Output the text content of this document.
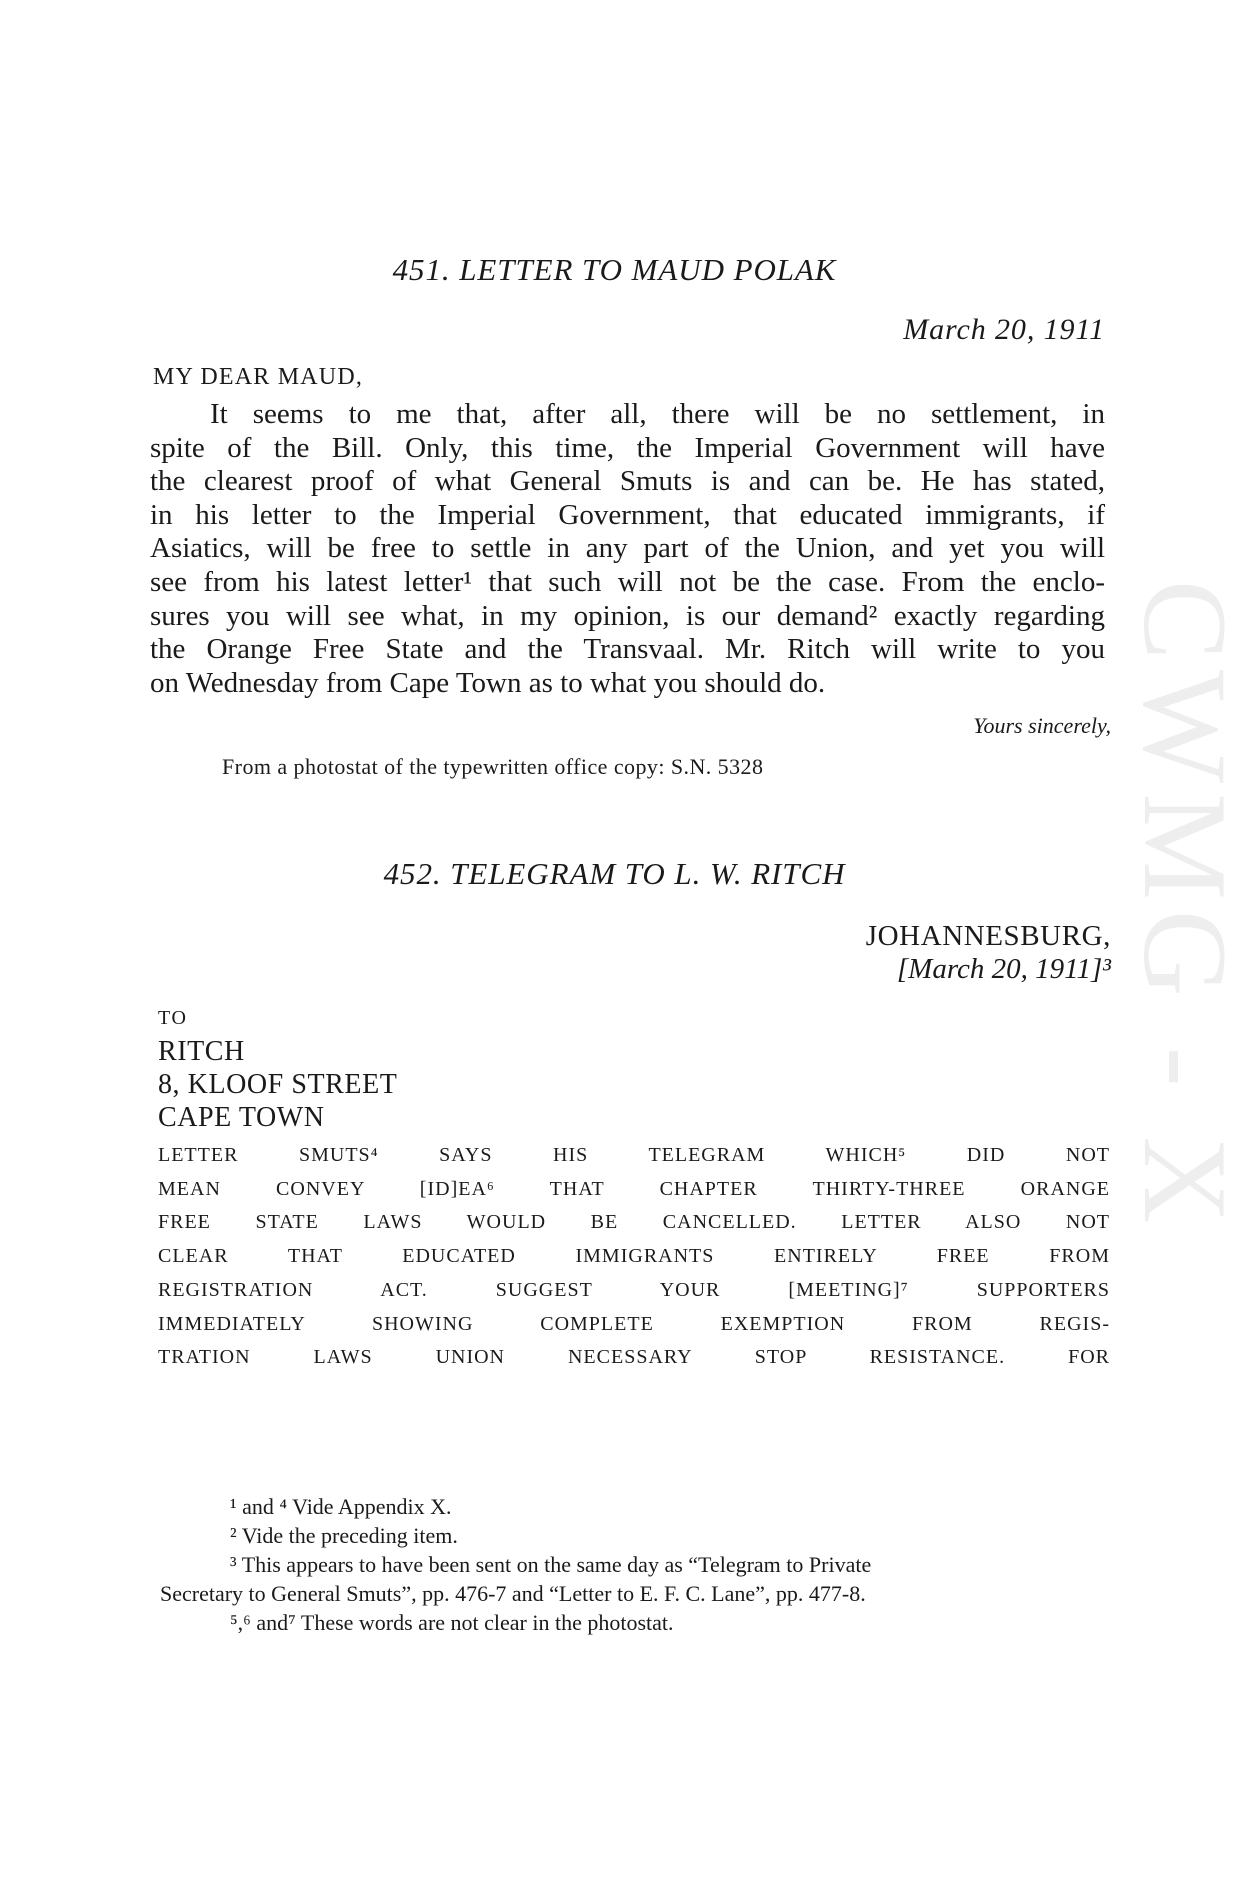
CWMG - X
451. LETTER TO MAUD POLAK
March 20, 1911
MY DEAR MAUD,
It seems to me that, after all, there will be no settlement, in
spite of the Bill. Only, this time, the Imperial Government will have
the clearest proof of what General Smuts is and can be. He has stated,
in his letter to the Imperial Government, that educated immigrants, if
Asiatics, will be free to settle in any part of the Union, and yet you will
see from his latest letter¹ that such will not be the case. From the enclo-
sures you will see what, in my opinion, is our demand² exactly regarding
the Orange Free State and the Transvaal. Mr. Ritch will write to you
on Wednesday from Cape Town as to what you should do.
Yours sincerely,
From a photostat of the typewritten office copy: S.N. 5328
452. TELEGRAM TO L. W. RITCH
JOHANNESBURG,
[March 20, 1911]³
TO
RITCH
8, KLOOF STREET
CAPE TOWN
LETTER SMUTS⁴ SAYS HIS TELEGRAM WHICH⁵ DID NOT
MEAN CONVEY [ID]EA⁶ THAT CHAPTER THIRTY-THREE ORANGE
FREE STATE LAWS WOULD BE CANCELLED. LETTER ALSO NOT
CLEAR THAT EDUCATED IMMIGRANTS ENTIRELY FREE FROM
REGISTRATION ACT. SUGGEST YOUR [MEETING]⁷ SUPPORTERS
IMMEDIATELY SHOWING COMPLETE EXEMPTION FROM REGIS-
TRATION LAWS UNION NECESSARY STOP RESISTANCE. FOR
¹ and ⁴ Vide Appendix X.
² Vide the preceding item.
³ This appears to have been sent on the same day as “Telegram to Private
Secretary to General Smuts”, pp. 476-7 and “Letter to E. F. C. Lane”, pp. 477-8.
⁵,⁶ and⁷ These words are not clear in the photostat.
